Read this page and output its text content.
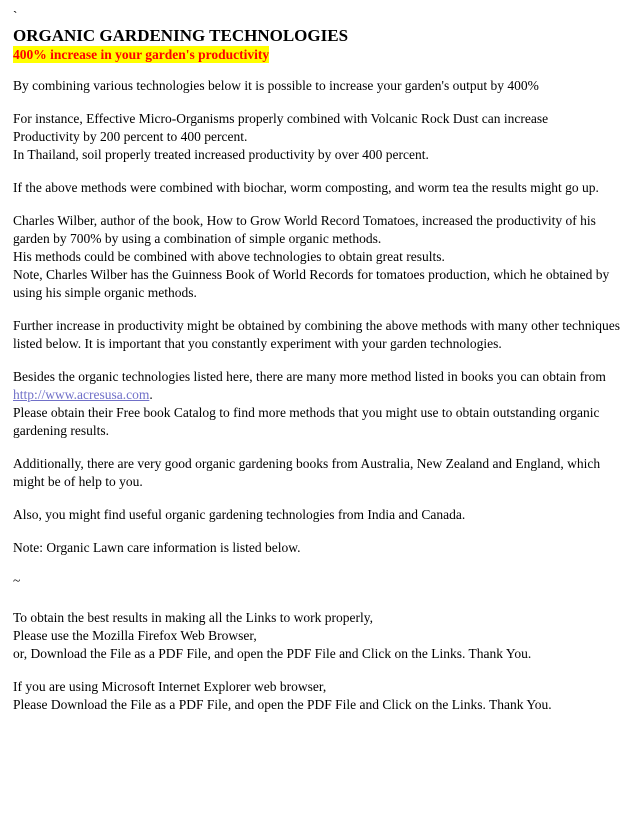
`
ORGANIC GARDENING TECHNOLOGIES
400% increase in your garden's productivity

By combining various technologies below it is possible to increase your garden's output by 400%

For instance, Effective Micro-Organisms properly combined with Volcanic Rock Dust can increase
Productivity by 200 percent to 400 percent.
In Thailand, soil properly treated increased productivity by over 400 percent.

If the above methods were combined with biochar, worm composting, and worm tea the results might go up.

Charles Wilber, author of the book, How to Grow World Record Tomatoes, increased the productivity of his garden by 700% by using a combination of simple organic methods.
His methods could be combined with above technologies to obtain great results.
Note, Charles Wilber has the Guinness Book of World Records for tomatoes production, which he obtained by using his simple organic methods.

Further increase in productivity might be obtained by combining the above methods with many other techniques listed below. It is important that you constantly experiment with your garden technologies.

Besides the organic technologies listed here, there are many more method listed in books you can obtain from http://www.acresusa.com.
Please obtain their Free book Catalog to find more methods that you might use to obtain outstanding organic gardening results.

Additionally, there are very good organic gardening books from Australia, New Zealand and England, which might be of help to you.

Also, you might find useful organic gardening technologies from India and Canada.

Note: Organic Lawn care information is listed below.

~

To obtain the best results in making all the Links to work properly,
Please use the Mozilla Firefox Web Browser,
or, Download the File as a PDF File, and open the PDF File and Click on the Links. Thank You.

If you are using Microsoft Internet Explorer web browser,
Please Download the File as a PDF File, and open the PDF File and Click on the Links. Thank You.
